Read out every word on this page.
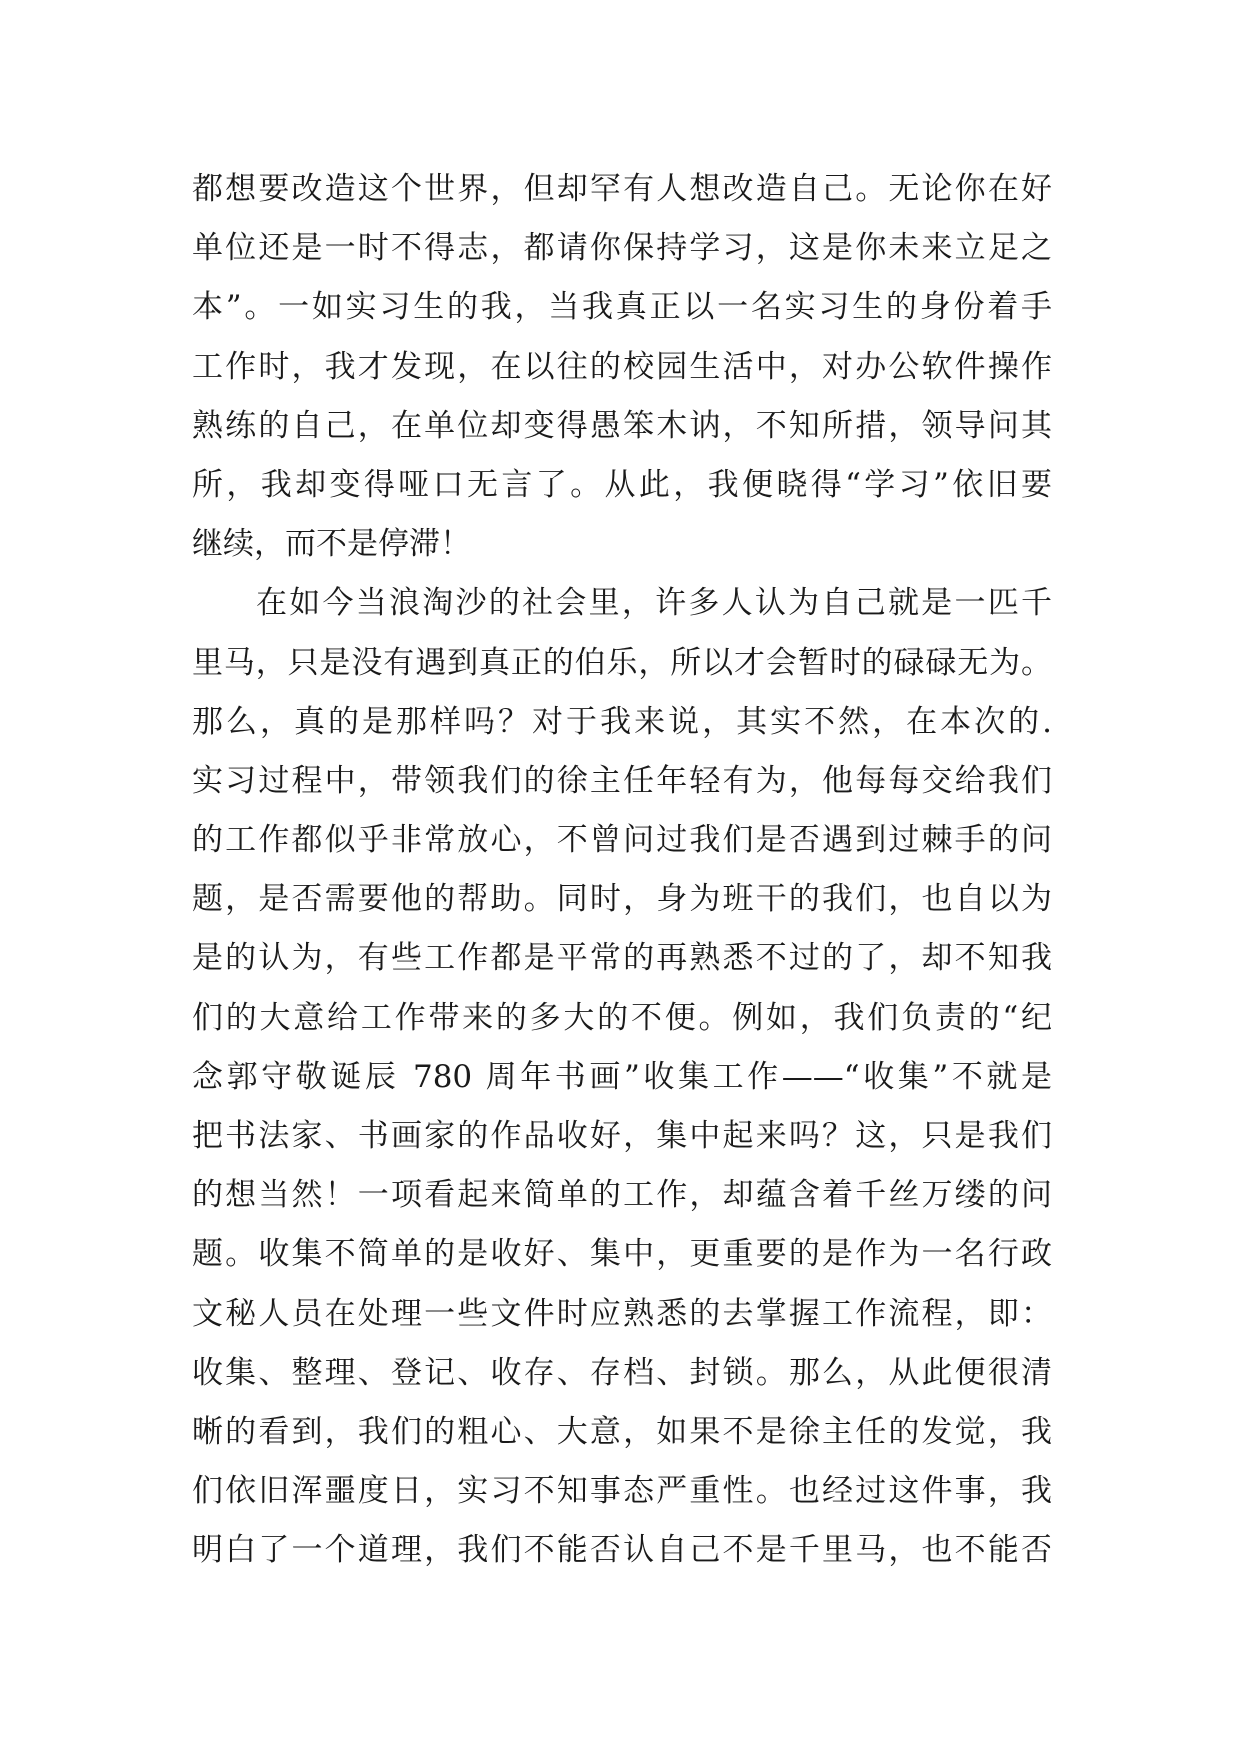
都想要改造这个世界，但却罕有人想改造自己。无论你在好
单位还是一时不得志，都请你保持学习，这是你未来立足之
本”。一如实习生的我，当我真正以一名实习生的身份着手
工作时，我才发现，在以往的校园生活中，对办公软件操作
熟练的自己，在单位却变得愚笨木讷，不知所措，领导问其
所，我却变得哑口无言了。从此，我便晓得“学习”依旧要
继续，而不是停滞！
在如今当浪淘沙的社会里，许多人认为自己就是一匹千
里马，只是没有遇到真正的伯乐，所以才会暂时的碌碌无为。
那么，真的是那样吗？对于我来说，其实不然，在本次的.
实习过程中，带领我们的徐主任年轻有为，他每每交给我们
的工作都似乎非常放心，不曾问过我们是否遇到过棘手的问
题，是否需要他的帮助。同时，身为班干的我们，也自以为
是的认为，有些工作都是平常的再熟悉不过的了，却不知我
们的大意给工作带来的多大的不便。例如，我们负责的“纪
念郭守敬诞辰 780 周年书画”收集工作——“收集”不就是
把书法家、书画家的作品收好，集中起来吗？这，只是我们
的想当然！一项看起来简单的工作，却蕴含着千丝万缕的问
题。收集不简单的是收好、集中，更重要的是作为一名行政
文秘人员在处理一些文件时应熟悉的去掌握工作流程，即：
收集、整理、登记、收存、存档、封锁。那么，从此便很清
晰的看到，我们的粗心、大意，如果不是徐主任的发觉，我
们依旧浑噩度日，实习不知事态严重性。也经过这件事，我
明白了一个道理，我们不能否认自己不是千里马，也不能否
